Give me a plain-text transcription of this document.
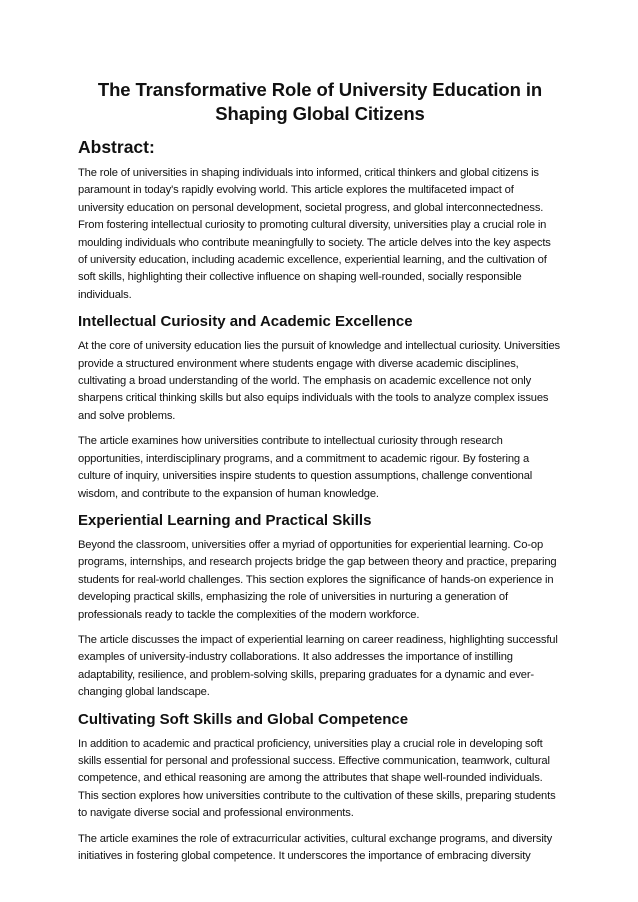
The Transformative Role of University Education in Shaping Global Citizens
Abstract:

The role of universities in shaping individuals into informed, critical thinkers and global citizens is paramount in today's rapidly evolving world. This article explores the multifaceted impact of university education on personal development, societal progress, and global interconnectedness. From fostering intellectual curiosity to promoting cultural diversity, universities play a crucial role in moulding individuals who contribute meaningfully to society. The article delves into the key aspects of university education, including academic excellence, experiential learning, and the cultivation of soft skills, highlighting their collective influence on shaping well-rounded, socially responsible individuals.

Intellectual Curiosity and Academic Excellence

At the core of university education lies the pursuit of knowledge and intellectual curiosity. Universities provide a structured environment where students engage with diverse academic disciplines, cultivating a broad understanding of the world. The emphasis on academic excellence not only sharpens critical thinking skills but also equips individuals with the tools to analyze complex issues and solve problems.

The article examines how universities contribute to intellectual curiosity through research opportunities, interdisciplinary programs, and a commitment to academic rigour. By fostering a culture of inquiry, universities inspire students to question assumptions, challenge conventional wisdom, and contribute to the expansion of human knowledge.

Experiential Learning and Practical Skills

Beyond the classroom, universities offer a myriad of opportunities for experiential learning. Co-op programs, internships, and research projects bridge the gap between theory and practice, preparing students for real-world challenges. This section explores the significance of hands-on experience in developing practical skills, emphasizing the role of universities in nurturing a generation of professionals ready to tackle the complexities of the modern workforce.

The article discusses the impact of experiential learning on career readiness, highlighting successful examples of university-industry collaborations. It also addresses the importance of instilling adaptability, resilience, and problem-solving skills, preparing graduates for a dynamic and ever-changing global landscape.

Cultivating Soft Skills and Global Competence

In addition to academic and practical proficiency, universities play a crucial role in developing soft skills essential for personal and professional success. Effective communication, teamwork, cultural competence, and ethical reasoning are among the attributes that shape well-rounded individuals. This section explores how universities contribute to the cultivation of these skills, preparing students to navigate diverse social and professional environments.

The article examines the role of extracurricular activities, cultural exchange programs, and diversity initiatives in fostering global competence. It underscores the importance of embracing diversity
